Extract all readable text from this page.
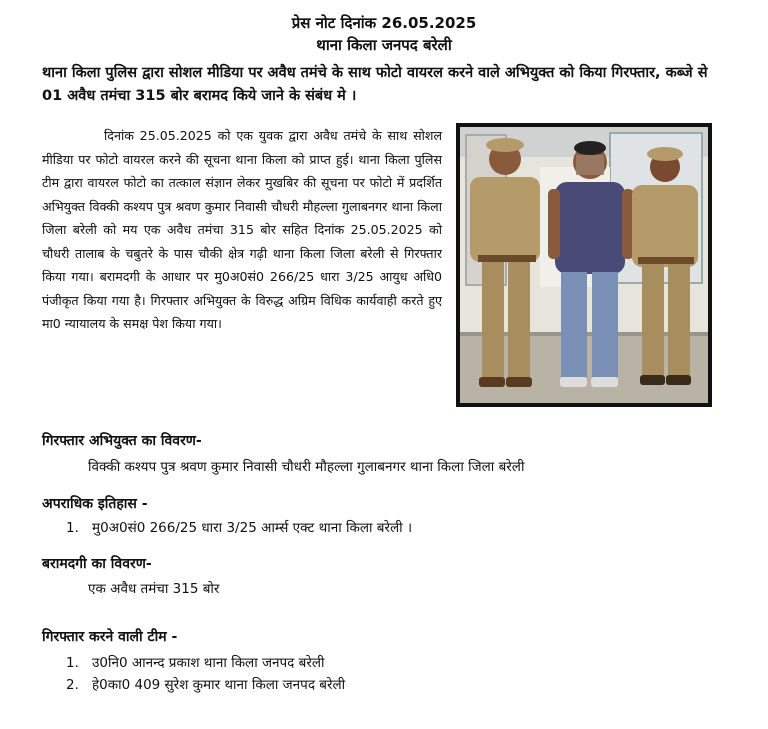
प्रेस नोट दिनांक 26.05.2025
थाना किला जनपद बरेली
थाना किला पुलिस द्वारा सोशल मीडिया पर अवैध तमंचे के साथ फोटो वायरल करने वाले अभियुक्त को किया गिरफ्तार, कब्जे से 01 अवैध तमंचा 315 बोर बरामद किये जाने के संबंध मे ।

दिनांक 25.05.2025 को एक युवक द्वारा अवैध तमंचे के साथ सोशल मीडिया पर फोटो वायरल करने की सूचना थाना किला को प्राप्त हुई। थाना किला पुलिस टीम द्वारा वायरल फोटो का तत्काल संज्ञान लेकर मुखबिर की सूचना पर फोटो में प्रदर्शित अभियुक्त विक्की कश्यप पुत्र श्रवण कुमार निवासी चौधरी मौहल्ला गुलाबनगर थाना किला जिला बरेली को मय एक अवैध तमंचा 315 बोर सहित दिनांक 25.05.2025 को चौधरी तालाब के चबुतरे के पास चौकी क्षेत्र गढ़ी थाना किला जिला बरेली से गिरफ्तार किया गया। बरामदगी के आधार पर मु0अ0सं0 266/25 धारा 3/25 आयुध अधि0 पंजीकृत किया गया है। गिरफ्तार अभियुक्त के विरुद्ध अग्रिम विधिक कार्यवाही करते हुए मा0 न्यायालय के समक्ष पेश किया गया।

गिरफ्तार अभियुक्त का विवरण-
विक्की कश्यप पुत्र श्रवण कुमार निवासी चौधरी मौहल्ला गुलाबनगर थाना किला जिला बरेली
अपराधिक इतिहास -
1. मु0अ0सं0 266/25 धारा 3/25 आर्म्स एक्ट थाना किला बरेली ।
बरामदगी का विवरण-
एक अवैध तमंचा 315 बोर
गिरफ्तार करने वाली टीम -
1. उ0नि0 आनन्द प्रकाश थाना किला जनपद बरेली
2. हे0का0 409 सुरेश कुमार थाना किला जनपद बरेली
